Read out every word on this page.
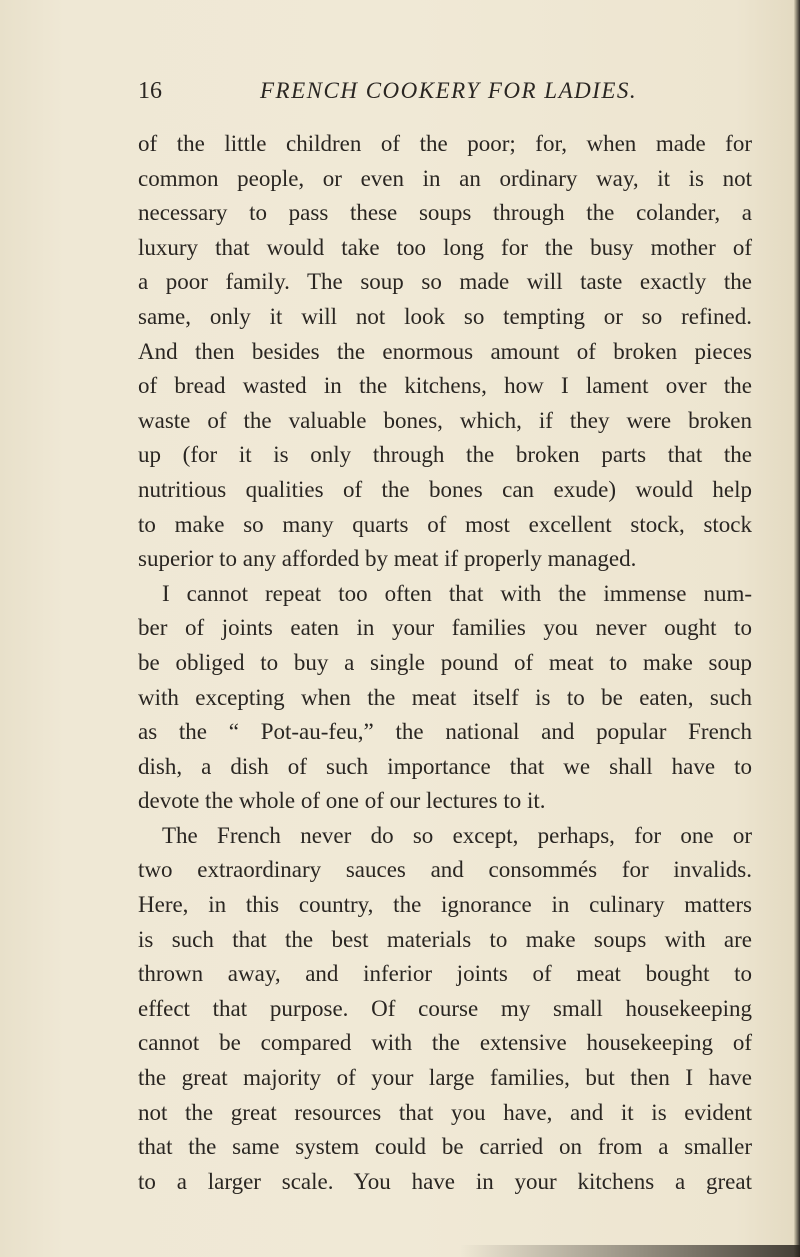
16	FRENCH COOKERY FOR LADIES.
of the little children of the poor; for, when made for
common people, or even in an ordinary way, it is not
necessary to pass these soups through the colander, a
luxury that would take too long for the busy mother of
a poor family. The soup so made will taste exactly the
same, only it will not look so tempting or so refined.
And then besides the enormous amount of broken pieces
of bread wasted in the kitchens, how I lament over the
waste of the valuable bones, which, if they were broken
up (for it is only through the broken parts that the
nutritious qualities of the bones can exude) would help
to make so many quarts of most excellent stock, stock
superior to any afforded by meat if properly managed.
I cannot repeat too often that with the immense num-
ber of joints eaten in your families you never ought to
be obliged to buy a single pound of meat to make soup
with excepting when the meat itself is to be eaten, such
as the “ Pot-au-feu,” the national and popular French
dish, a dish of such importance that we shall have to
devote the whole of one of our lectures to it.
The French never do so except, perhaps, for one or
two extraordinary sauces and consommés for invalids.
Here, in this country, the ignorance in culinary matters
is such that the best materials to make soups with are
thrown away, and inferior joints of meat bought to
effect that purpose. Of course my small housekeeping
cannot be compared with the extensive housekeeping of
the great majority of your large families, but then I have
not the great resources that you have, and it is evident
that the same system could be carried on from a smaller
to a larger scale. You have in your kitchens a great
